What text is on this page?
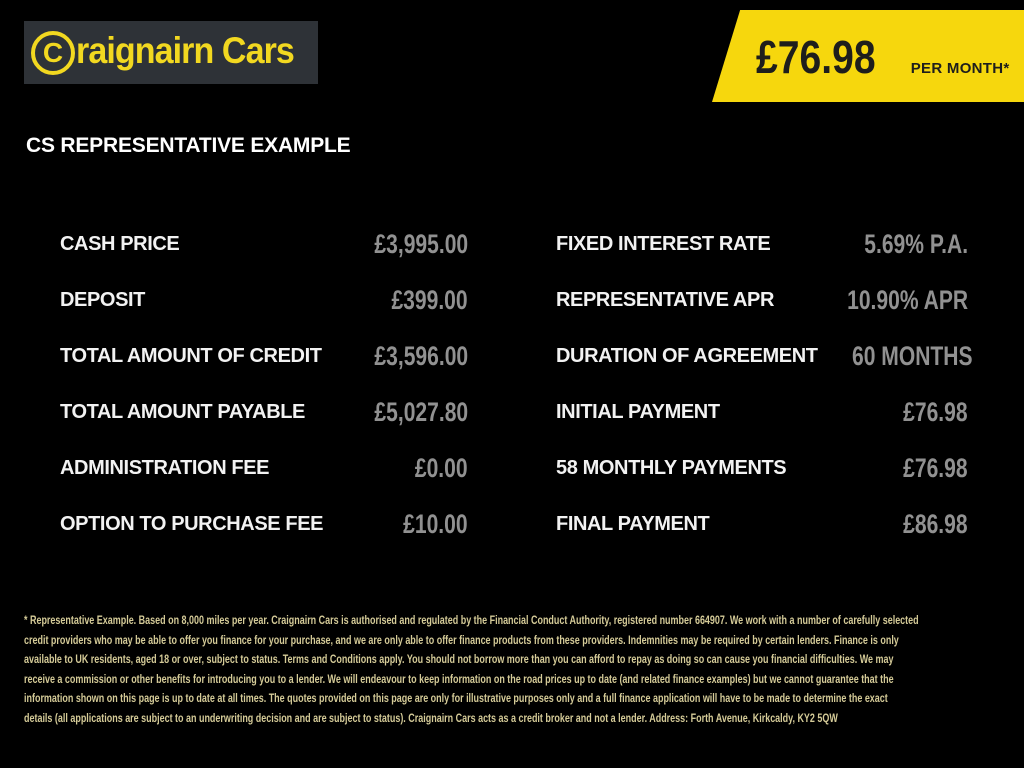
C raignairn Cars	£76.98 PER MONTH*
CS REPRESENTATIVE EXAMPLE
CASH PRICE	£3,995.00
DEPOSIT	£399.00
TOTAL AMOUNT OF CREDIT £3,596.00
TOTAL AMOUNT PAYABLE	£5,027.80
ADMINISTRATION FEE	£0.00
OPTION TO PURCHASE FEE	£10.00
FIXED INTEREST RATE	5.69% P.A.
REPRESENTATIVE APR	10.90% APR
DURATION OF AGREEMENT 60 MONTHS
INITIAL PAYMENT	£76.98
58 MONTHLY PAYMENTS	£76.98
FINAL PAYMENT	£86.98
* Representative Example. Based on 8,000 miles per year. Craignairn Cars is authorised and regulated by the Financial Conduct Authority, registered number 664907. We work with a number of carefully selected
credit providers who may be able to offer you finance for your purchase, and we are only able to offer finance products from these providers. Indemnities may be required by certain lenders. Finance is only
available to UK residents, aged 18 or over, subject to status. Terms and Conditions apply. You should not borrow more than you can afford to repay as doing so can cause you financial difficulties. We may
receive a commission or other benefits for introducing you to a lender. We will endeavour to keep information on the road prices up to date (and related finance examples) but we cannot guarantee that the
information shown on this page is up to date at all times. The quotes provided on this page are only for illustrative purposes only and a full finance application will have to be made to determine the exact
details (all applications are subject to an underwriting decision and are subject to status). Craignairn Cars acts as a credit broker and not a lender. Address: Forth Avenue, Kirkcaldy, KY2 5QW
